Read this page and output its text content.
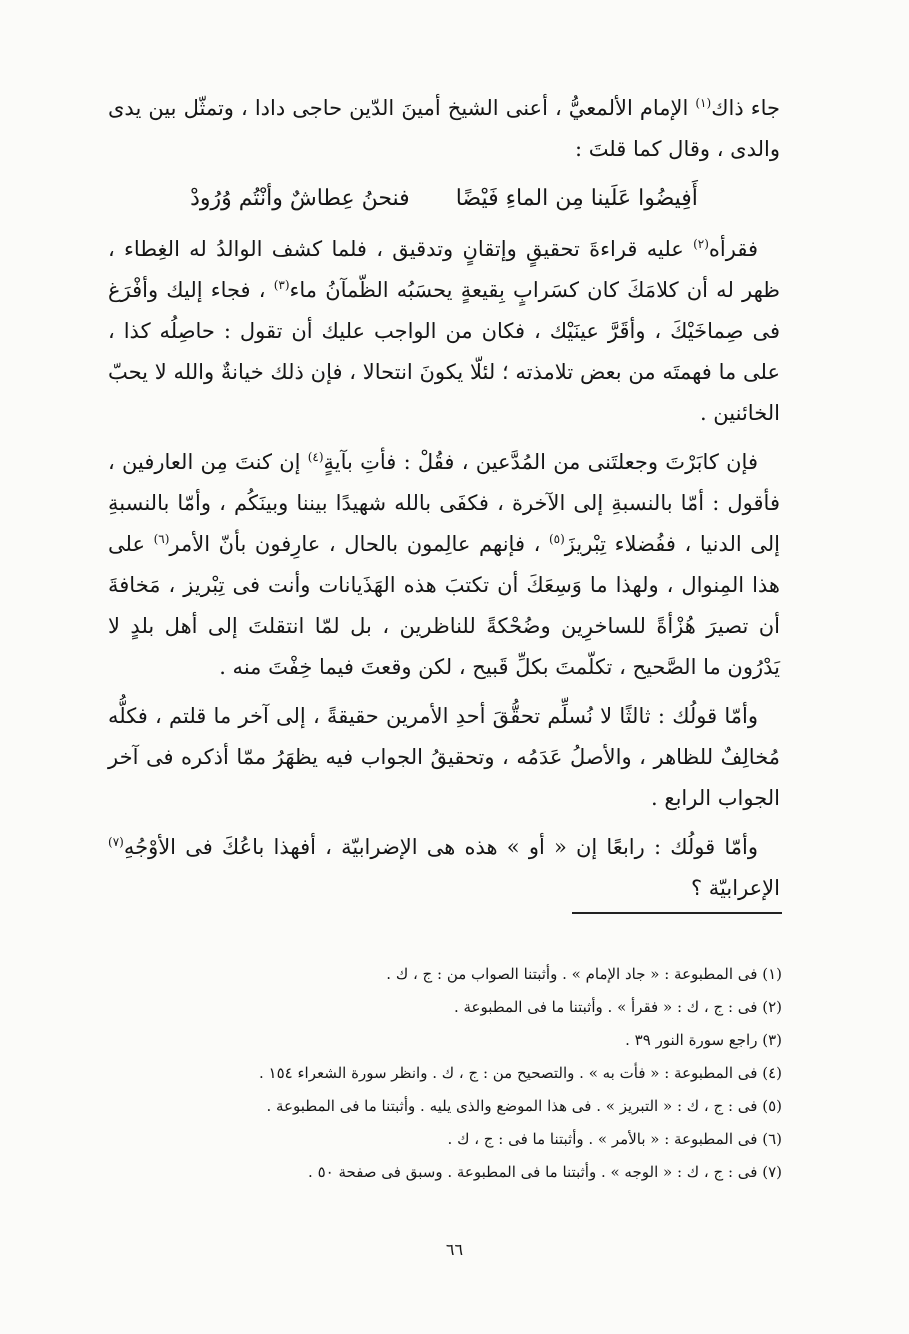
جاء ذاك$^{(١)}$ الإمام الألمعيُّ ، أعنى الشيخ أمينَ الدّين حاجى دادا ، وتمثّل بين يدى والدى ، وقال كما قلتَ :

أَفِيضُوا عَلَينا مِن الماءِ فَيْضًا
فنحنُ عِطاشٌ وأنْتُم وُرُودْ

فقرأه$^{(٢)}$ عليه قراءةَ تحقيقٍ وإتقانٍ وتدقيق ، فلما كشف الوالدُ له الغِطاء ، ظهر له أن كلامَكَ كان كسَرابٍ بِقيعةٍ يحسَبُه الظّمآنُ ماء$^{(٣)}$ ، فجاء إليك وأفْرَغ فى صِماخَيْكَ ، وأقَرَّ عينَيْك ، فكان من الواجب عليك أن تقول : حاصِلُه كذا ، على ما فهمتَه من بعض تلامذته ؛ لئلّا يكونَ انتحالا ، فإن ذلك خيانةٌ والله لا يحبّ الخائنين .

فإن كابَرْتَ وجعلتَنى من المُدَّعين ، فقُلْ : فأتِ بآيةٍ$^{(٤)}$ إن كنتَ مِن العارفين ، فأقول : أمّا بالنسبةِ إلى الآخرة ، فكفَى بالله شهيدًا بيننا وبينَكُم ، وأمّا بالنسبةِ إلى الدنيا ، ففُضلاء تِبْريزَ$^{(٥)}$ ، فإنهم عالِمون بالحال ، عارِفون بأنّ الأمر$^{(٦)}$ على هذا المِنوال ، ولهذا ما وَسِعَكَ أن تكتبَ هذه الهَذَيانات وأنت فى تِبْريز ، مَخافةَ أن تصيرَ هُزْأةً للساخرِين وضُحْكةً للناظرين ، بل لمّا انتقلتَ إلى أهل بلدٍ لا يَدْرُون ما الصَّحيح ، تكلّمتَ بكلِّ قَبيح ، لكن وقعتَ فيما خِفْتَ منه .

وأمّا قولُك : ثالثًا لا نُسلِّم تحقُّقَ أحدِ الأمرين حقيقةً ، إلى آخر ما قلتم ، فكلُّه مُخالِفٌ للظاهر ، والأصلُ عَدَمُه ، وتحقيقُ الجواب فيه يظهَرُ ممّا أذكره فى آخر الجواب الرابع .

وأمّا قولُك : رابعًا إن « أو » هذه هى الإضرابيّة ، أفهذا باعُكَ فى الأوْجُهِ$^{(٧)}$ الإعرابيّة ؟

(١) فى المطبوعة : « جاد الإمام » . وأثبتنا الصواب من : ج ، ك .
(٢) فى : ج ، ك : « فقرأ » . وأثبتنا ما فى المطبوعة .
(٣) راجع سورة النور ٣٩ .
(٤) فى المطبوعة : « فأت به » . والتصحيح من : ج ، ك . وانظر سورة الشعراء ١٥٤ .
(٥) فى : ج ، ك : « التبريز » . فى هذا الموضع والذى يليه . وأثبتنا ما فى المطبوعة .
(٦) فى المطبوعة : « بالأمر » . وأثبتنا ما فى : ج ، ك .
(٧) فى : ج ، ك : « الوجه » . وأثبتنا ما فى المطبوعة . وسبق فى صفحة ٥٠ .
٦٦
